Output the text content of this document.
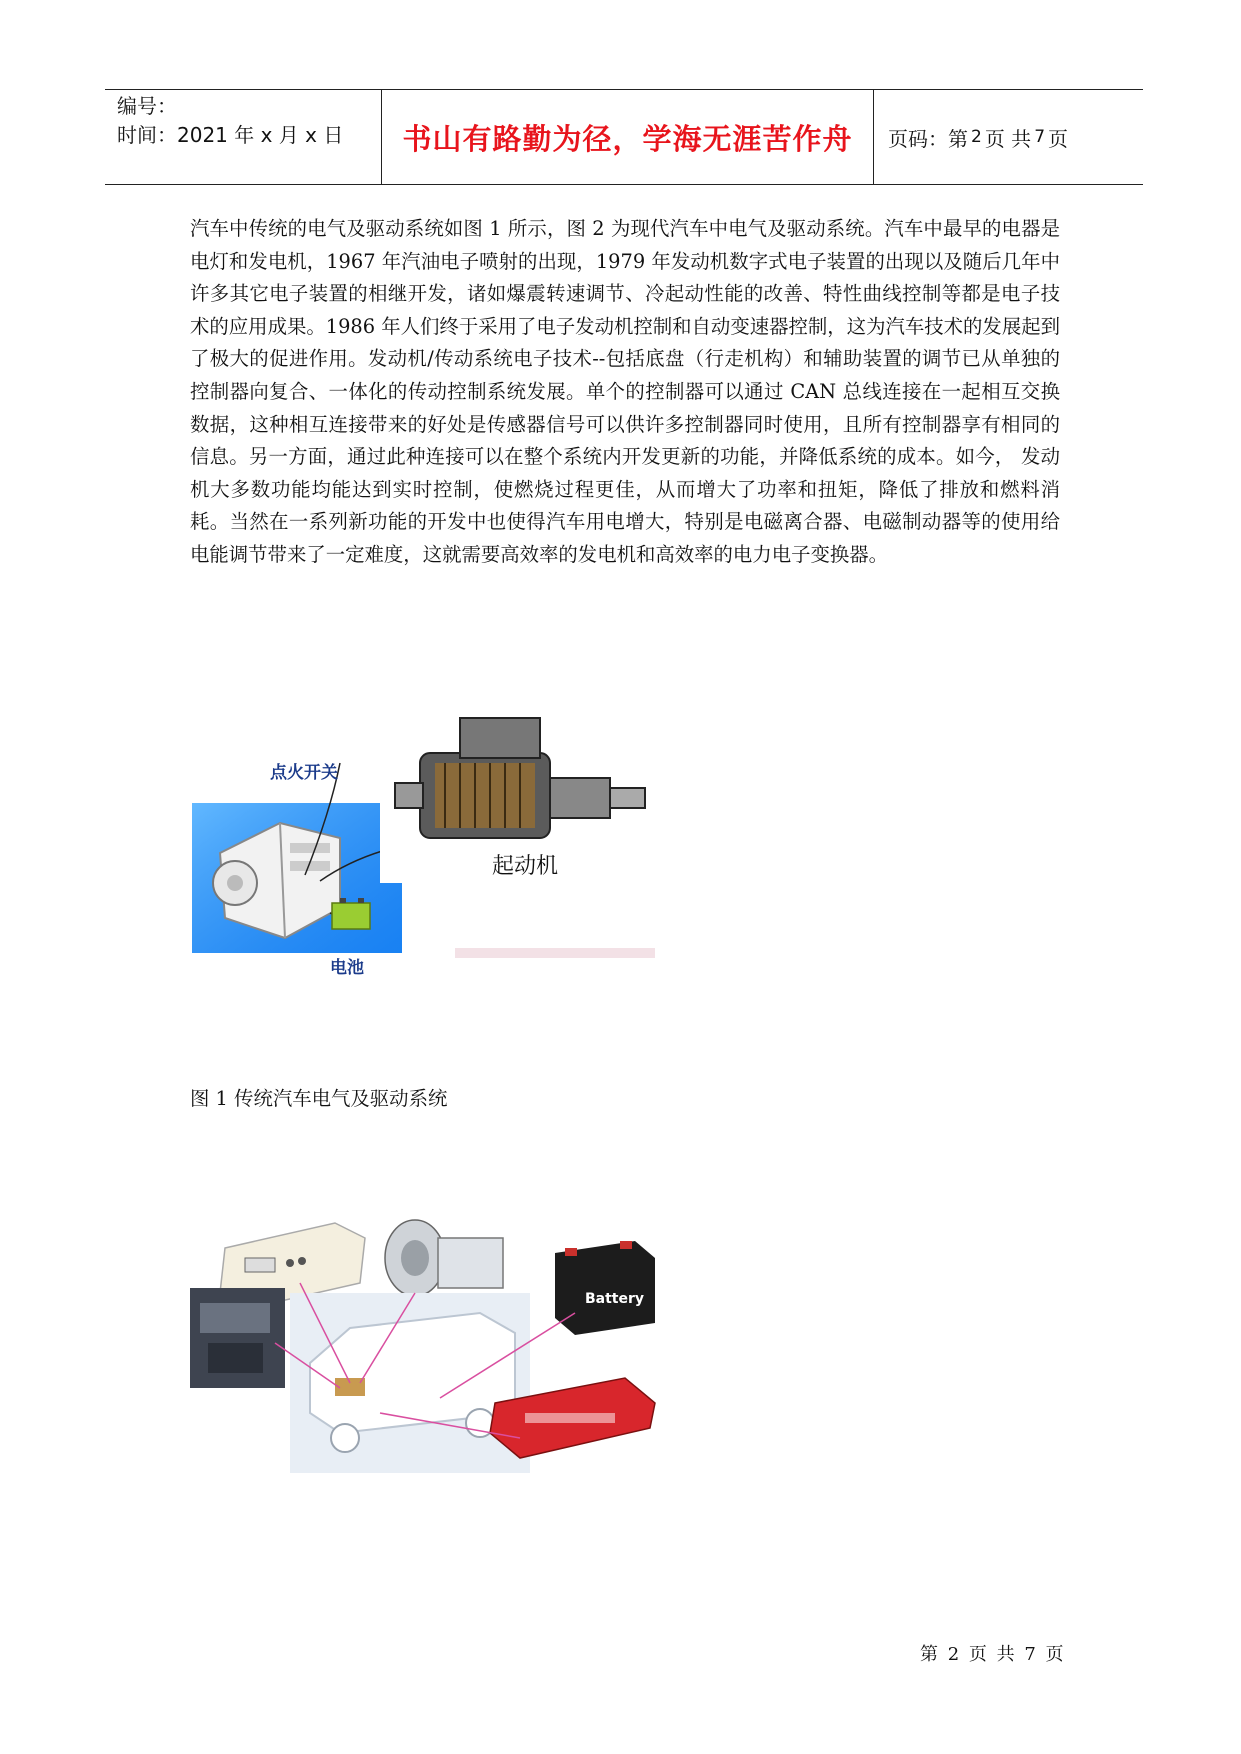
编号：
时间：2021 年 x 月 x 日	书山有路勤为径，学海无涯苦作舟 页码：第 2 页 共 7 页

汽车中传统的电气及驱动系统如图 1 所示，图 2 为现代汽车中电气及驱动系统。汽车中最早的电器是电灯和发电机，1967 年汽油电子喷射的出现，1979 年发动机数字式电子装置的出现以及随后几年中许多其它电子装置的相继开发，诸如爆震转速调节、冷起动性能的改善、特性曲线控制等都是电子技术的应用成果。1986 年人们终于采用了电子发动机控制和自动变速器控制，这为汽车技术的发展起到了极大的促进作用。发动机/传动系统电子技术--包括底盘（行走机构）和辅助装置的调节已从单独的控制器向复合、一体化的传动控制系统发展。单个的控制器可以通过 CAN 总线连接在一起相互交换数据，这种相互连接带来的好处是传感器信号可以供许多控制器同时使用，且所有控制器享有相同的信息。另一方面，通过此种连接可以在整个系统内开发更新的功能，并降低系统的成本。如今， 发动机大多数功能均能达到实时控制，使燃烧过程更佳，从而增大了功率和扭矩，降低了排放和燃料消耗。当然在一系列新功能的开发中也使得汽车用电增大，特别是电磁离合器、电磁制动器等的使用给电能调节带来了一定难度，这就需要高效率的发电机和高效率的电力电子变换器。

点火开关
起动机
电池
图 1 传统汽车电气及驱动系统
Battery
第 2 页 共 7 页
